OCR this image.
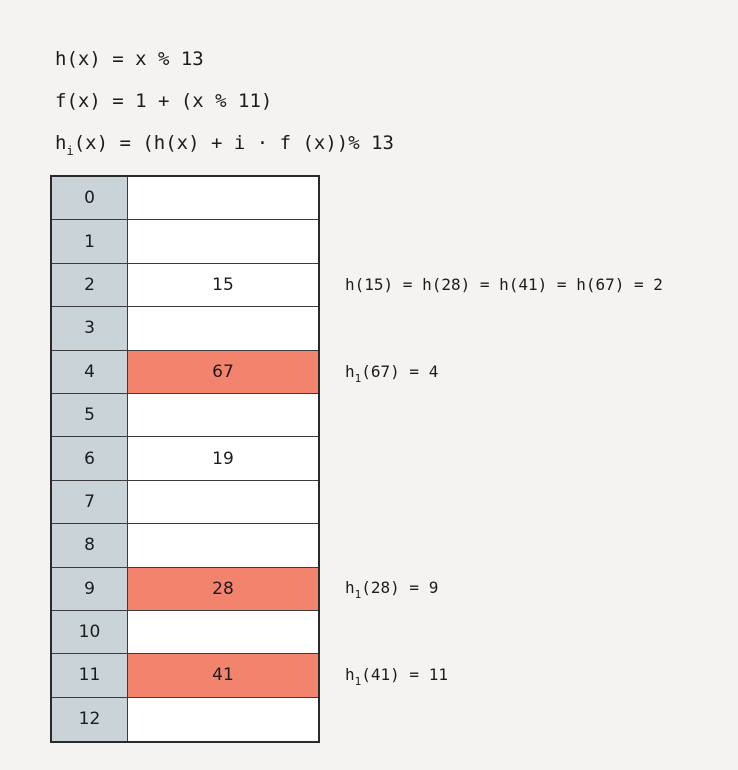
h(x) = x % 13
f(x) = 1 + (x % 11)
$h_i(x) = (h(x) + i \cdot f$ (x))% 13
0
1
2	15
3
4	67
5
6	19
7
8
9	28
10
11	41
12
h(15) = h(28) = h(41) = h(67) = 2
$h_1(67) = 4$
$h_1(28) = 9$
$h_1(41) = 11$
